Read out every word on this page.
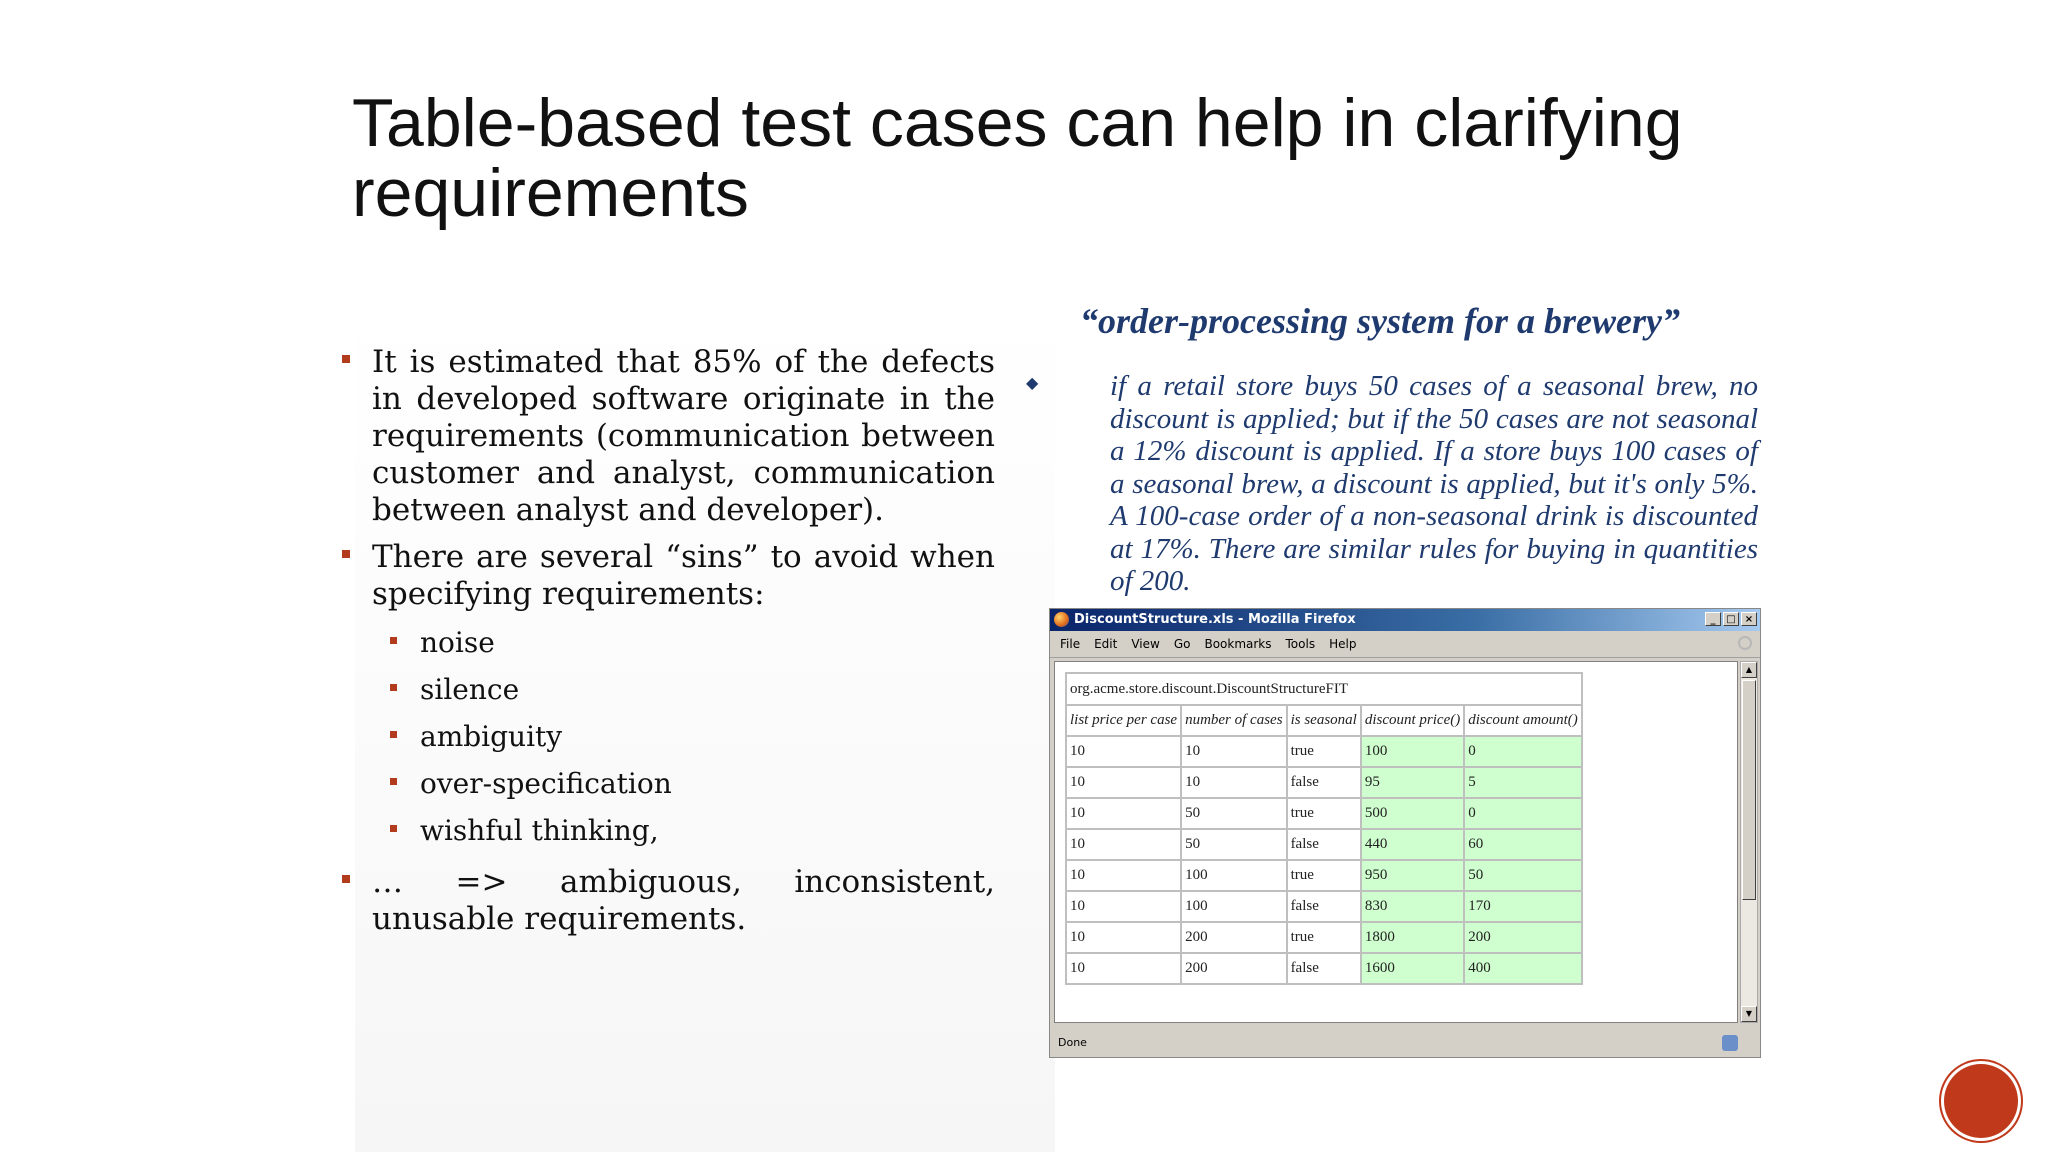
Table-based test cases can help in clarifying requirements
It is estimated that 85% of the defects in developed software originate in the requirements (communication between customer and analyst, communication between analyst and developer).
There are several “sins” to avoid when specifying requirements:
noise
silence
ambiguity
over-specification
wishful thinking,
… => ambiguous, inconsistent, unusable requirements.
“order-processing system for a brewery”
◆ if a retail store buys 50 cases of a seasonal brew, no discount is applied; but if the 50 cases are not seasonal a 12% discount is applied. If a store buys 100 cases of a seasonal brew, a discount is applied, but it's only 5%. A 100-case order of a non-seasonal drink is discounted at 17%. There are similar rules for buying in quantities of 200.

DiscountStructure.xls - Mozilla Firefox	_	□ ×
File Edit View Go Bookmarks Tools Help
org.acme.store.discount.DiscountStructureFIT				
list price per case	number of cases	is seasonal	discount price()	discount amount()
10	10	true	100	0
10	10	false	95	5
10	50	true	500	0
10	50	false	440	60
10	100	true	950	50
10	100	false	830	170
10	200	true	1800	200
10	200	false	1600	400
▲
▼
Done
